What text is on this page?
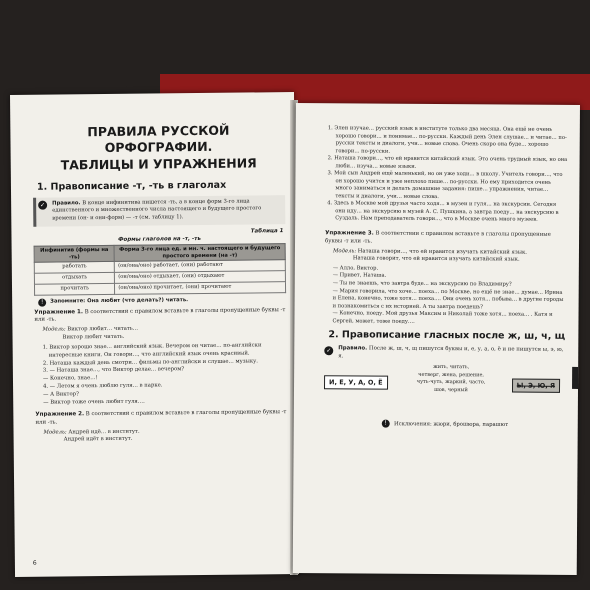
ПРАВИЛА РУССКОЙ ОРФОГРАФИИ.
ТАБЛИЦЫ И УПРАЖНЕНИЯ
1. Правописание -т, -ть в глаголах
✓	Правило. В конце инфинитива пишется -ть, а в конце форм 3-го лица единственного и множественного числа настоящего и будущего простого времени (он- и они-форм) — -т (см. таблицу 1).
Таблица 1
Формы глаголов на -т, -ть
Инфинитив (формы на -ть)	Форма 3-го лица ед. и мн. ч. настоящего и будущего простого времени (на -т)
работать	(он/она/оно) работает, (они) работают
отдыхать	(он/она/оно) отдыхает, (они) отдыхают
прочитать	(он/она/оно) прочитает, (они) прочитают
!	Запомните: Она любит (что делать?) читать.
Упражнение 1. В соответствии с правилом вставьте в глаголы пропущенные буквы -т или -ть.
Модель: Виктор любит… читать…
Виктор любит читать.
1. Виктор хорошо знае… английский язык. Вечером он читае… по-английски интересные книги. Он говори…, что английский язык очень красивый.
2. Наташа каждый день смотри… фильмы по-английски и слушае… музыку.
3. — Наташа знае…, что Виктор делае… вечером?
— Конечно, знае…!
4. — Летом я очень люблю гуля… в парке.
— А Виктор?
— Виктор тоже очень любит гуля….
Упражнение 2. В соответствии с правилом вставьте в глаголы пропущенные буквы -т или -ть.
Модель: Андрей идё… в институт.
Андрей идёт в институт.
6
1. Элен изучае… русский язык в институте только два месяца. Она ещё не очень хорошо говори… и понимае… по-русски. Каждый день Элен слушае… и читае… по-русски тексты и диалоги, учи… новые слова. Очень скоро она буде… хорошо говори… по-русски.
2. Наташа говори…, что ей нравится китайский язык. Это очень трудный язык, но она люби… изуча… новые языки.
3. Мой сын Андрей ещё маленький, но он уже ходи… в школу. Учитель говори…, что он хорошо учится и уже неплохо пише… по-русски. Но ему приходится очень много заниматься и делать домашние задания: пише… упражнения, читае… тексты и диалоги, учи… новые слова.
4. Здесь в Москве мой друзья часто ходя… в музеи и гуля… на экскурсии. Сегодня они иду… на экскурсию в музей А. С. Пушкина, а завтра поеду… на экскурсию в Суздаль. Нам преподаватель говори…, что в Москве очень много музеев.
Упражнение 3. В соответствии с правилом вставьте в глаголы пропущенные буквы -т или -ть.
Модель: Наташа говори…, что ей нравится изучать китайский язык.
Наташа говорит, что ей нравится изучать китайский язык.
— Алло, Виктор.
— Привет, Наташа.
— Ты не знаешь, что завтра буде… на экскурсию по Владимиру?
— Мария говорила, что хоче… поеха… по Москве, но ещё не знае… думае… Ирина и Елена, конечно, тоже хотя… поеха…. Они очень хотя… побыва… в другие городы и познакомиться с их историей. А ты завтра поедешь?
— Конечно, поеду. Мой друзья Максим и Николай тоже хотя… поеха… . Катя и Сергей, может, тоже поеду….
2. Правописание гласных после ж, ш, ч, щ
✓	Правило. После ж, ш, ч, щ пишутся буквы и, е, у, а, о, ё и не пишутся ы, э, ю, я.
И, Е, У, А, О, Ё
жить, читать,
четверг, жена, решение,
чуть-чуть, жаркий, часто,
шов, черный	Ы, Э, Ю, Я
! Исключения: жюри, брошюра, парашют
